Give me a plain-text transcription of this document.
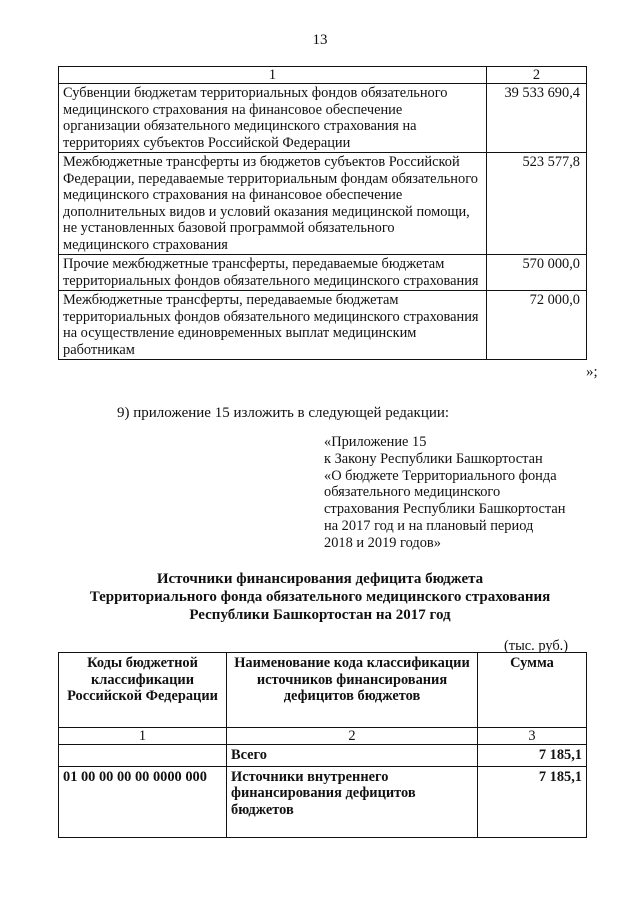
13
1	2
Субвенции бюджетам территориальных фондов обязательного медицинского страхования на финансовое обеспечение организации обязательного медицинского страхования на территориях субъектов Российской Федерации	39 533 690,4
Межбюджетные трансферты из бюджетов субъектов Российской Федерации, передаваемые территориальным фондам обязательного медицинского страхования на финансовое обеспечение дополнительных видов и условий оказания медицинской помощи, не установленных базовой программой обязательного медицинского страхования	523 577,8
Прочие межбюджетные трансферты, передаваемые бюджетам территориальных фондов обязательного медицинского страхования	570 000,0
Межбюджетные трансферты, передаваемые бюджетам территориальных фондов обязательного медицинского страхования на осуществление единовременных выплат медицинским работникам	72 000,0
»;
9) приложение 15 изложить в следующей редакции:
«Приложение 15
к Закону Республики Башкортостан
«О бюджете Территориального фонда
обязательного медицинского
страхования Республики Башкортостан
на 2017 год и на плановый период
2018 и 2019 годов»
Источники финансирования дефицита бюджета
Территориального фонда обязательного медицинского страхования
Республики Башкортостан на 2017 год
(тыс. руб.)
Коды бюджетной классификации Российской Федерации	Наименование кода классификации источников финансирования дефицитов бюджетов	Сумма
1	2	3
	Всего	7 185,1
01 00 00 00 00 0000 000	Источники внутреннего финансирования дефицитов бюджетов	7 185,1
